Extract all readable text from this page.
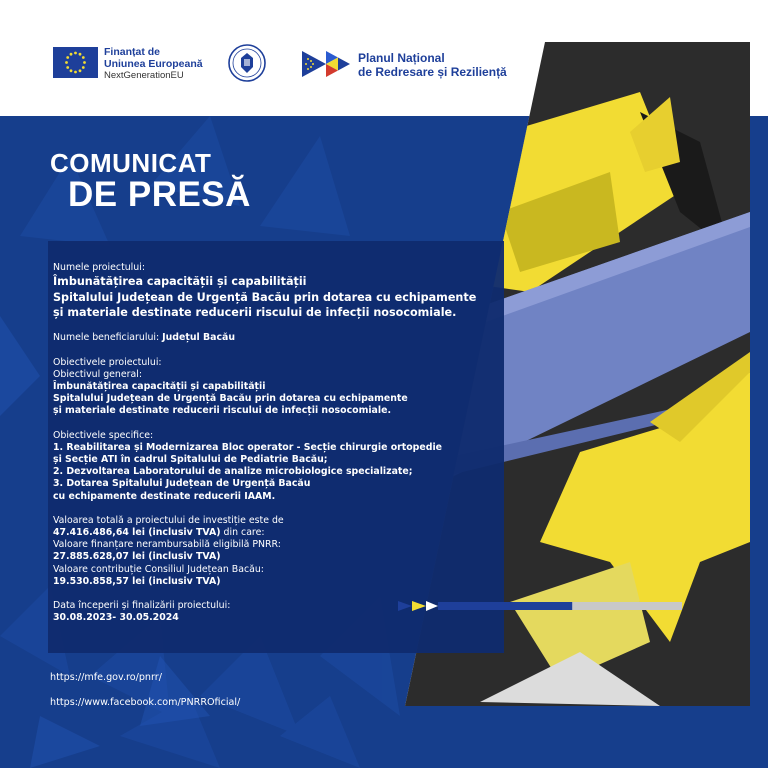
Finanțat de
Uniunea Europeană
NextGenerationEU
Planul Național
de Redresare și Reziliență
COMUNICAT
DE PRESĂ
Numele proiectului:
Îmbunătățirea capacității și capabilității
Spitalului Județean de Urgență Bacău prin dotarea cu echipamente
și materiale destinate reducerii riscului de infecții nosocomiale.
Numele beneficiarului: Județul Bacău
Obiectivele proiectului:
Obiectivul general:
Îmbunătățirea capacității și capabilității
Spitalului Județean de Urgență Bacău prin dotarea cu echipamente
și materiale destinate reducerii riscului de infecții nosocomiale.
Obiectivele specifice:
1. Reabilitarea și Modernizarea Bloc operator - Secție chirurgie ortopedie
și Secție ATI în cadrul Spitalului de Pediatrie Bacău;
2. Dezvoltarea Laboratorului de analize microbiologice specializate;
3. Dotarea Spitalului Județean de Urgență Bacău
cu echipamente destinate reducerii IAAM.
Valoarea totală a proiectului de investiție este de
47.416.486,64 lei (inclusiv TVA) din care:
Valoare finanțare nerambursabilă eligibilă PNRR:
27.885.628,07 lei (inclusiv TVA)
Valoare contribuție Consiliul Județean Bacău:
19.530.858,57 lei (inclusiv TVA)
Data începerii și finalizării proiectului:
30.08.2023- 30.05.2024
https://mfe.gov.ro/pnrr/
https://www.facebook.com/PNRROficial/
